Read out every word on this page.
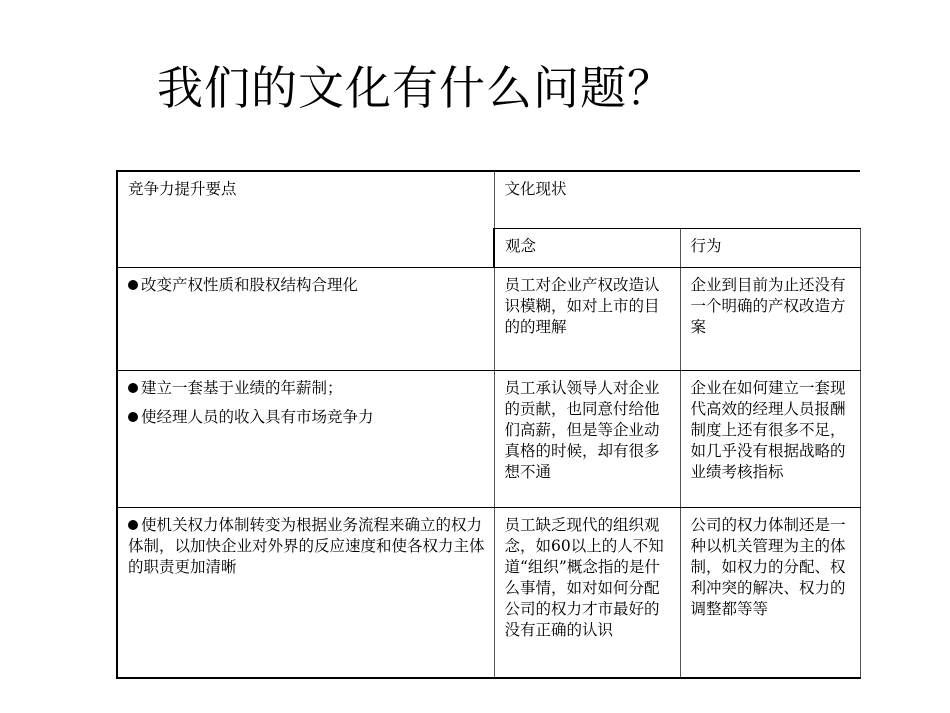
我们的文化有什么问题？
竞争力提升要点	文化现状	
	观念	行为

改变产权性质和股权结构合理化	员工对企业产权改造认识模糊，如对上市的目的的理解	企业到目前为止还没有一个明确的产权改造方案

建立一套基于业绩的年薪制；
使经理人员的收入具有市场竞争力	员工承认领导人对企业的贡献，也同意付给他们高薪，但是等企业动真格的时候，却有很多想不通	企业在如何建立一套现代高效的经理人员报酬制度上还有很多不足，如几乎没有根据战略的业绩考核指标

使机关权力体制转变为根据业务流程来确立的权力体制，以加快企业对外界的反应速度和使各权力主体的职责更加清晰	员工缺乏现代的组织观念，如60以上的人不知道“组织”概念指的是什么事情，如对如何分配公司的权力才市最好的没有正确的认识	公司的权力体制还是一种以机关管理为主的体制，如权力的分配、权利冲突的解决、权力的调整都等等
